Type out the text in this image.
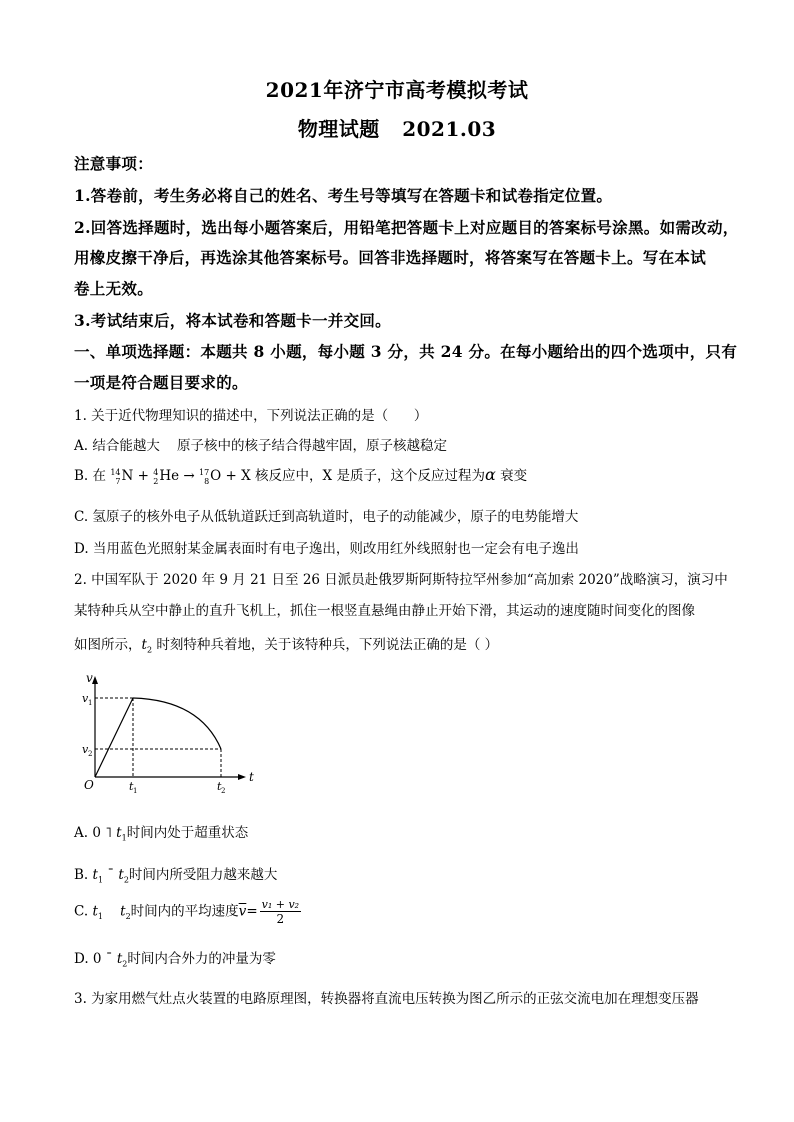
2021年济宁市高考模拟考试
物理试题   2021.03
注意事项：
1.答卷前，考生务必将自己的姓名、考生号等填写在答题卡和试卷指定位置。
2.回答选择题时，选出每小题答案后，用铅笔把答题卡上对应题目的答案标号涂黑。如需改动，
用橡皮擦干净后，再选涂其他答案标号。回答非选择题时，将答案写在答题卡上。写在本试
卷上无效。
3.考试结束后，将本试卷和答题卡一并交回。
一、单项选择题：本题共 8 小题，每小题 3 分，共 24 分。在每小题给出的四个选项中，只有
一项是符合题目要求的。
1. 关于近代物理知识的描述中，下列说法正确的是（      ）
A. 结合能越大    原子核中的核子结合得越牢固，原子核越稳定
B. 在 14
7 N + 4
2 He → 17
8 O + X 核反应中，X 是质子，这个反应过程为α 衰变
C. 氢原子的核外电子从低轨道跃迁到高轨道时，电子的动能减少，原子的电势能增大
D. 当用蓝色光照射某金属表面时有电子逸出，则改用红外线照射也一定会有电子逸出
2. 中国军队于 2020 年 9 月 21 日至 26 日派员赴俄罗斯阿斯特拉罕州参加“高加索 2020”战略演习，演习中
某特种兵从空中静止的直升飞机上，抓住一根竖直悬绳由静止开始下滑，其运动的速度随时间变化的图像
如图所示，$t_2$ 时刻特种兵着地，关于该特种兵，下列说法正确的是（ ）
v
t
O
v 1
v 2
t 1	t 2
A. 0 ˥ $t_1$时间内处于超重状态
B. $t_1$ ¯ $t_2$时间内所受阻力越来越大
C. $t_1$ $t_2$时间内的平均速度$\overline{v}= \frac{\text{v₁ + v₂}}{2}$
D. 0 ¯ $t_2$时间内合外力的冲量为零
3. 为家用燃气灶点火装置的电路原理图，转换器将直流电压转换为图乙所示的正弦交流电加在理想变压器
